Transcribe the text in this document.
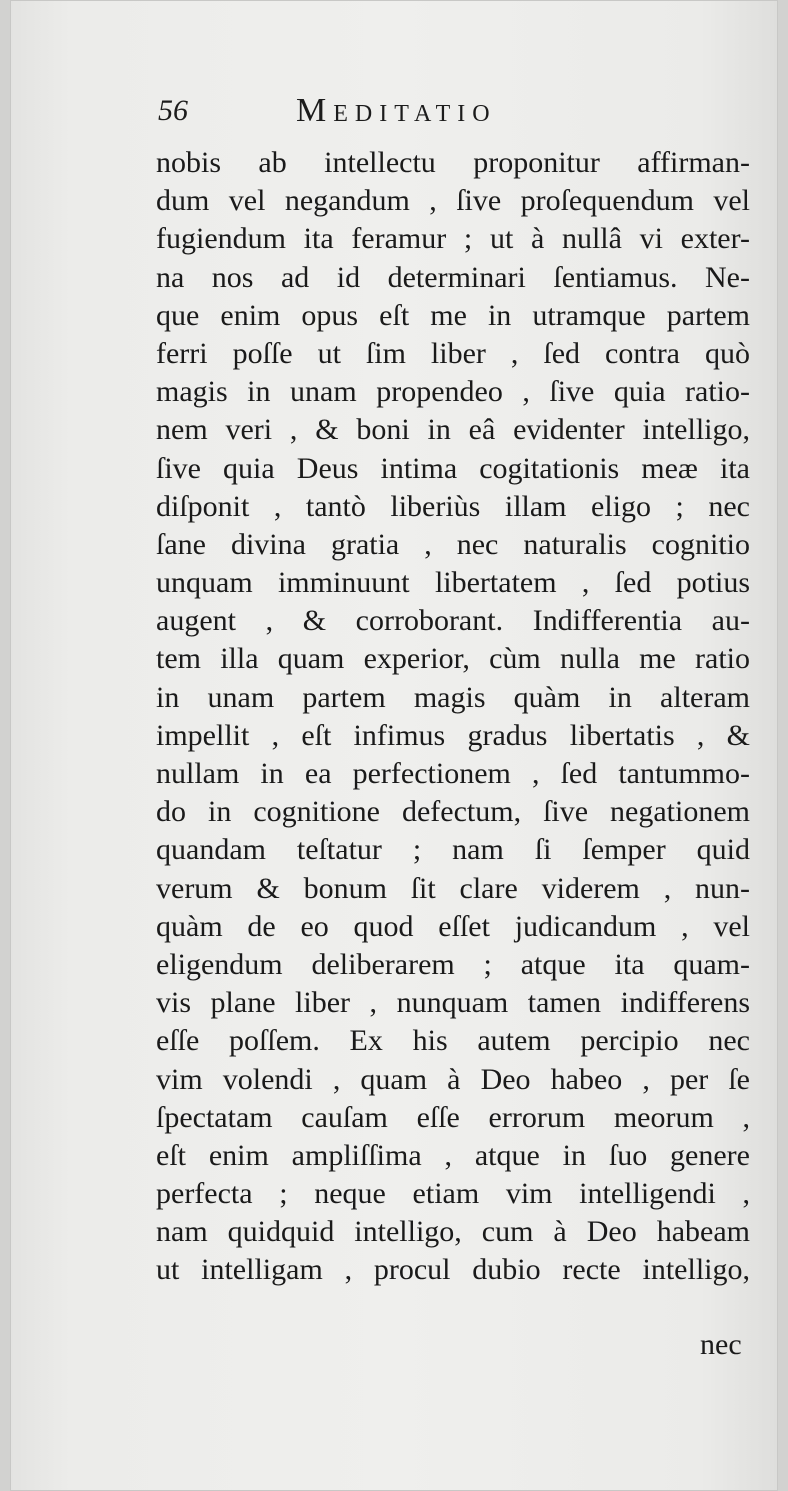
56	Meditatio
nobis ab intellectu proponitur affirman-
dum vel negandum , ſive proſequendum vel
fugiendum ita feramur ; ut à nullâ vi exter-
na nos ad id determinari ſentiamus. Ne-
que enim opus eſt me in utramque partem
ferri poſſe ut ſim liber , ſed contra quò
magis in unam propendeo , ſive quia ratio-
nem veri , & boni in eâ evidenter intelligo,
ſive quia Deus intima cogitationis meæ ita
diſponit , tantò liberiùs illam eligo ; nec
ſane divina gratia , nec naturalis cognitio
unquam imminuunt libertatem , ſed potius
augent , & corroborant. Indifferentia au-
tem illa quam experior, cùm nulla me ratio
in unam partem magis quàm in alteram
impellit , eſt infimus gradus libertatis , &
nullam in ea perfectionem , ſed tantummo-
do in cognitione defectum, ſive negationem
quandam teſtatur ; nam ſi ſemper quid
verum & bonum ſit clare viderem , nun-
quàm de eo quod eſſet judicandum , vel
eligendum deliberarem ; atque ita quam-
vis plane liber , nunquam tamen indifferens
eſſe poſſem. Ex his autem percipio nec
vim volendi , quam à Deo habeo , per ſe
ſpectatam cauſam eſſe errorum meorum ,
eſt enim ampliſſima , atque in ſuo genere
perfecta ; neque etiam vim intelligendi ,
nam quidquid intelligo, cum à Deo habeam
ut intelligam , procul dubio recte intelligo,
nec
